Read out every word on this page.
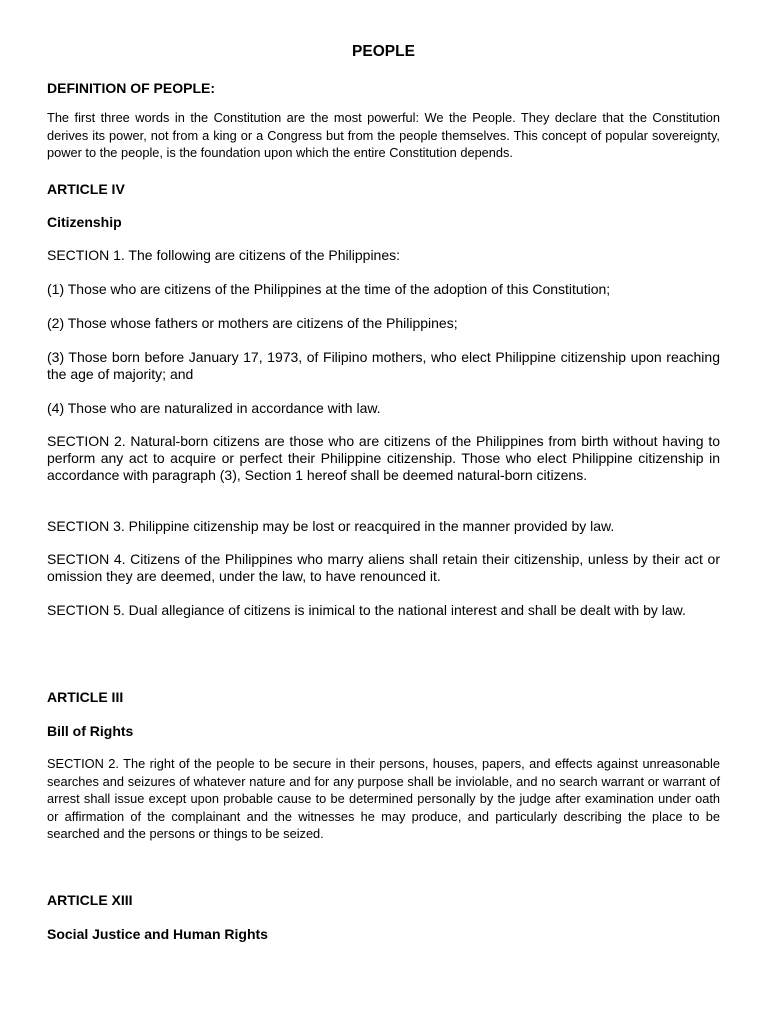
PEOPLE
DEFINITION OF PEOPLE:
The first three words in the Constitution are the most powerful: We the People. They declare that the Constitution derives its power, not from a king or a Congress but from the people themselves. This concept of popular sovereignty, power to the people, is the foundation upon which the entire Constitution depends.
ARTICLE IV
Citizenship
SECTION 1. The following are citizens of the Philippines:
(1) Those who are citizens of the Philippines at the time of the adoption of this Constitution;
(2) Those whose fathers or mothers are citizens of the Philippines;
(3) Those born before January 17, 1973, of Filipino mothers, who elect Philippine citizenship upon reaching the age of majority; and
(4) Those who are naturalized in accordance with law.
SECTION 2. Natural-born citizens are those who are citizens of the Philippines from birth without having to perform any act to acquire or perfect their Philippine citizenship. Those who elect Philippine citizenship in accordance with paragraph (3), Section 1 hereof shall be deemed natural-born citizens.
SECTION 3. Philippine citizenship may be lost or reacquired in the manner provided by law.
SECTION 4. Citizens of the Philippines who marry aliens shall retain their citizenship, unless by their act or omission they are deemed, under the law, to have renounced it.
SECTION 5. Dual allegiance of citizens is inimical to the national interest and shall be dealt with by law.
ARTICLE III
Bill of Rights
SECTION 2. The right of the people to be secure in their persons, houses, papers, and effects against unreasonable searches and seizures of whatever nature and for any purpose shall be inviolable, and no search warrant or warrant of arrest shall issue except upon probable cause to be determined personally by the judge after examination under oath or affirmation of the complainant and the witnesses he may produce, and particularly describing the place to be searched and the persons or things to be seized.
ARTICLE XIII
Social Justice and Human Rights
